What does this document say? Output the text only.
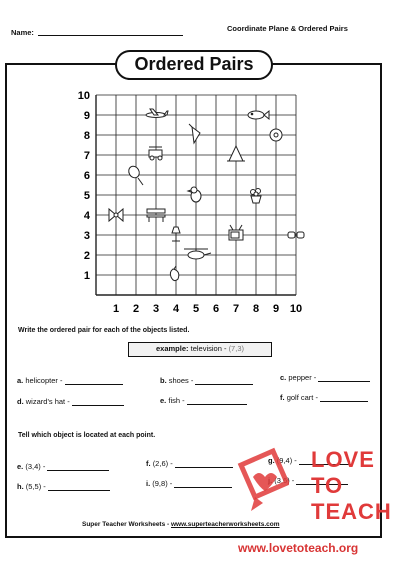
Name:	Coordinate Plane & Ordered Pairs
Ordered Pairs
1 2 3 4 5 6 7 8 9 10
1
2
3
4
5
6
7
8
9
10
Write the ordered pair for each of the objects listed.
example: television - (7,3)
a. helicopter -	b. shoes -	c. pepper -
d. wizard's hat -	e. fish -	f. golf cart -
Tell which object is located at each point.
e. (3,4) -	f. (2,6) -	g. (9,4) -
h. (5,5) -	i. (9,8) -	(3,6) -
Super Teacher Worksheets - www.superteacherworksheets.com
LOVE
TO
TEACH
www.lovetoteach.org
